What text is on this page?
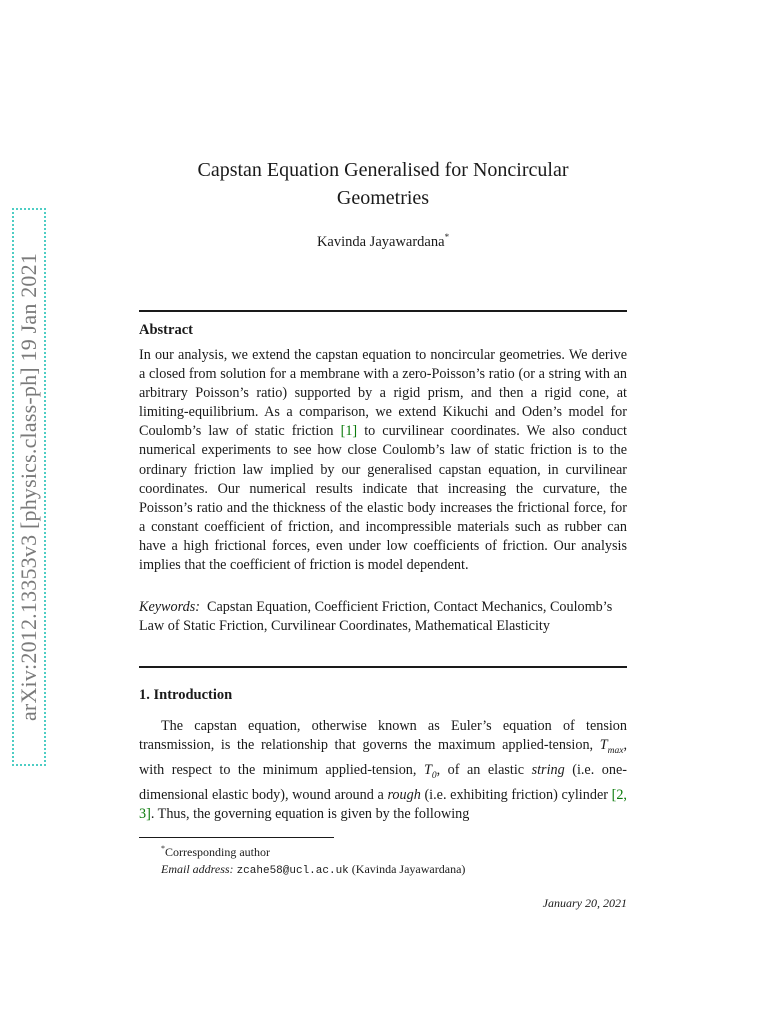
arXiv:2012.13353v3 [physics.class-ph] 19 Jan 2021
Capstan Equation Generalised for Noncircular
Geometries
Kavinda Jayawardana*
Abstract
In our analysis, we extend the capstan equation to noncircular geometries. We derive a closed from solution for a membrane with a zero-Poisson’s ratio (or a string with an arbitrary Poisson’s ratio) supported by a rigid prism, and then a rigid cone, at limiting-equilibrium. As a comparison, we extend Kikuchi and Oden’s model for Coulomb’s law of static friction [1] to curvilinear coordinates. We also conduct numerical experiments to see how close Coulomb’s law of static friction is to the ordinary friction law implied by our generalised capstan equation, in curvilinear coordinates. Our numerical results indicate that increasing the curvature, the Poisson’s ratio and the thickness of the elastic body increases the frictional force, for a constant coefficient of friction, and incompressible materials such as rubber can have a high frictional forces, even under low coefficients of friction. Our analysis implies that the coefficient of friction is model dependent.
Keywords: Capstan Equation, Coefficient Friction, Contact Mechanics, Coulomb’s Law of Static Friction, Curvilinear Coordinates, Mathematical Elasticity
1. Introduction
The capstan equation, otherwise known as Euler’s equation of tension transmission, is the relationship that governs the maximum applied-tension, $T_{max}$, with respect to the minimum applied-tension, $T_0$, of an elastic string (i.e. one-dimensional elastic body), wound around a rough (i.e. exhibiting friction) cylinder [2, 3]. Thus, the governing equation is given by the following
*Corresponding author
Email address: zcahe58@ucl.ac.uk (Kavinda Jayawardana)
January 20, 2021
